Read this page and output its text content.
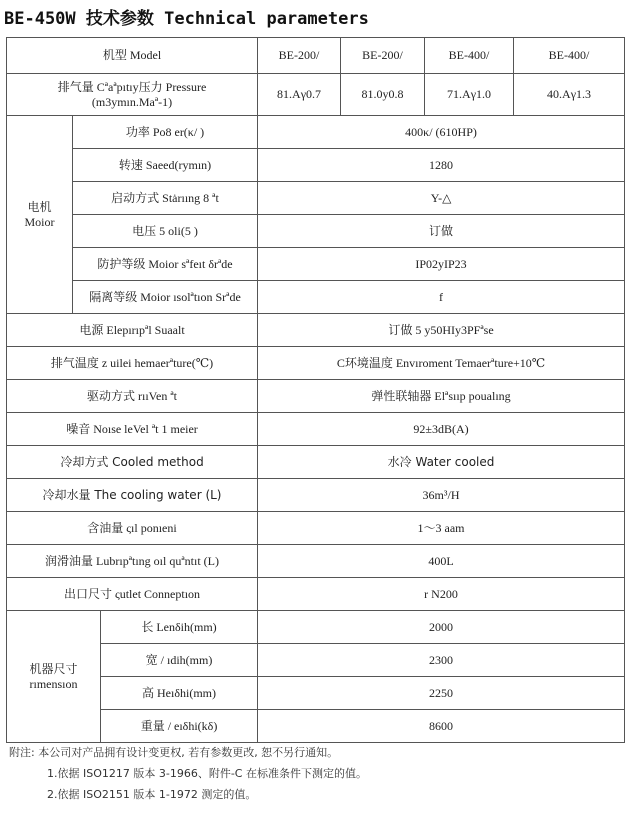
BE-450W 技术参数 Technical parameters
机型 Model			BE-200/	BE-200/	BE-400/	BE-400/

排气量 Cªaªpıtıy压力 Pressure
(m3ymın.Maª-1)			81.Aγ0.7	81.0y0.8	71.Aγ1.0	40.Aγ1.3

电机
Moior	功率 Po8 er(κ/ )		400κ/ (610HP)			
	转速 Saeed(rymın)		1280			
	启动方式 Stȧrııng 8 ªt		Y-△			
	电压 5 oli(5 )		订做			
	防护等级 Moior sªfeıt δrªde		IP02yIP23			
	隔离等级 Moior ısolªtıon Srªde		f			
电源 Elepırıpªl Suaalt			订做 5 y50HIy3PFªse			
排气温度 z uilei hemaerªture(℃)			C环境温度 Envıroment Temaerªture+10℃			
驱动方式 rııVen ªt			弹性联轴器 Elªsııp poualıng			
噪音 Noıse leVel ªt 1 meier			92±3dB(A)			
冷却方式 Cooled method			水冷 Water cooled			
冷却水量 The cooling water (L)			36m³/H			
含油量 ςıl ponıeni			1～3 aam			
润滑油量 Lubrıpªtıng oıl quªntıt (L)			400L			
出口尺寸 ςutlet Conneptıon			r N200			

机器尺寸
rımensıon		长 Lenδih(mm)	2000			
		宽 / ıdih(mm)	2300			
		高 Heıδhi(mm)	2250			
		重量 / eıδhi(kδ)	8600			
附注: 本公司对产品拥有设计变更权, 若有参数更改, 恕不另行通知。
1.依据 ISO1217 版本 3-1966、附件-C 在标准条件下测定的值。
2.依据 ISO2151 版本 1-1972 测定的值。
